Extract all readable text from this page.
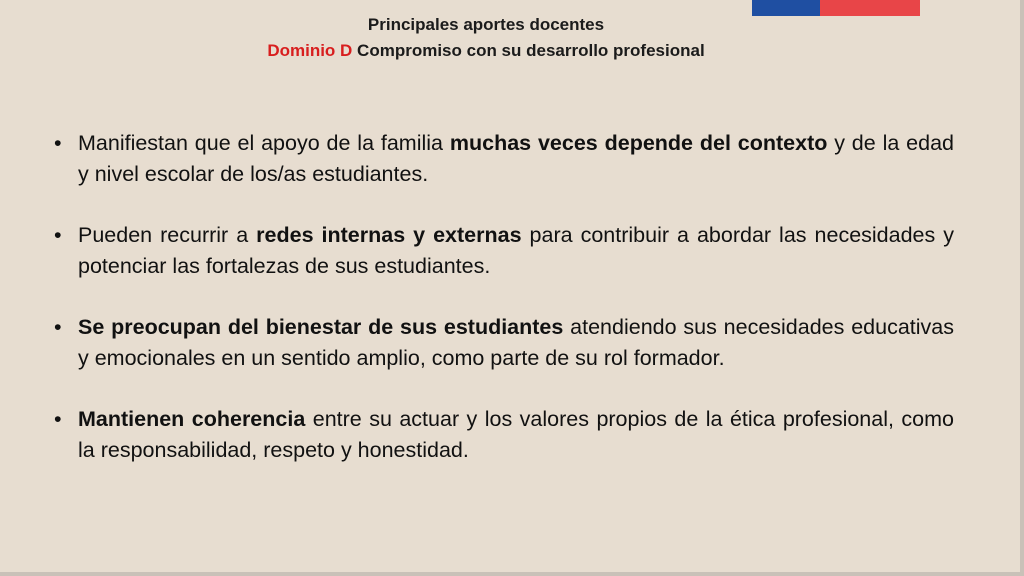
Principales aportes docentes
Dominio D Compromiso con su desarrollo profesional
• Manifiestan que el apoyo de la familia muchas veces depende del contexto y de la edad y nivel escolar de los/as estudiantes.
• Pueden recurrir a redes internas y externas para contribuir a abordar las necesidades y potenciar las fortalezas de sus estudiantes.
• Se preocupan del bienestar de sus estudiantes atendiendo sus necesidades educativas y emocionales en un sentido amplio, como parte de su rol formador.
• Mantienen coherencia entre su actuar y los valores propios de la ética profesional, como la responsabilidad, respeto y honestidad.
